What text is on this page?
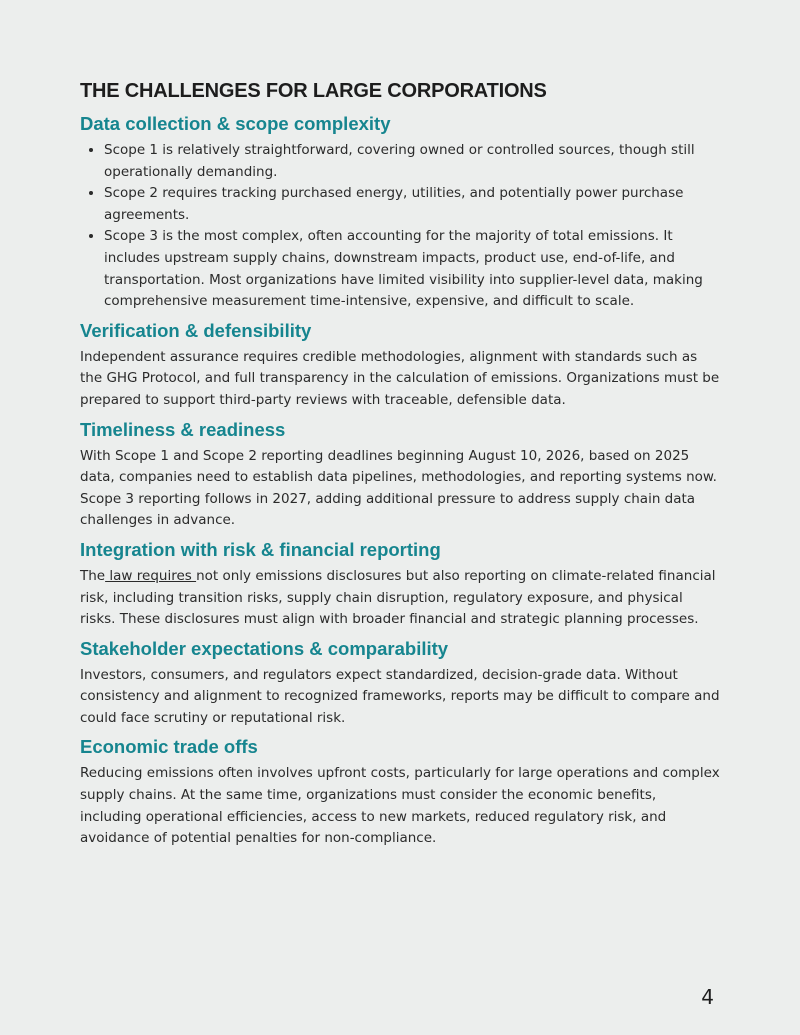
THE CHALLENGES FOR LARGE CORPORATIONS
Data collection & scope complexity
• Scope 1 is relatively straightforward, covering owned or controlled sources, though still operationally demanding.
• Scope 2 requires tracking purchased energy, utilities, and potentially power purchase agreements.
• Scope 3 is the most complex, often accounting for the majority of total emissions. It includes upstream supply chains, downstream impacts, product use, end-of-life, and transportation. Most organizations have limited visibility into supplier-level data, making comprehensive measurement time-intensive, expensive, and difficult to scale.
Verification & defensibility

Independent assurance requires credible methodologies, alignment with standards such as the GHG Protocol, and full transparency in the calculation of emissions. Organizations must be prepared to support third-party reviews with traceable, defensible data.

Timeliness & readiness

With Scope 1 and Scope 2 reporting deadlines beginning August 10, 2026, based on 2025 data, companies need to establish data pipelines, methodologies, and reporting systems now. Scope 3 reporting follows in 2027, adding additional pressure to address supply chain data challenges in advance.

Integration with risk & financial reporting

The law requires not only emissions disclosures but also reporting on climate-related financial risk, including transition risks, supply chain disruption, regulatory exposure, and physical risks. These disclosures must align with broader financial and strategic planning processes.

Stakeholder expectations & comparability

Investors, consumers, and regulators expect standardized, decision-grade data. Without consistency and alignment to recognized frameworks, reports may be difficult to compare and could face scrutiny or reputational risk.

Economic trade offs

Reducing emissions often involves upfront costs, particularly for large operations and complex supply chains. At the same time, organizations must consider the economic benefits, including operational efficiencies, access to new markets, reduced regulatory risk, and avoidance of potential penalties for non-compliance.

4
